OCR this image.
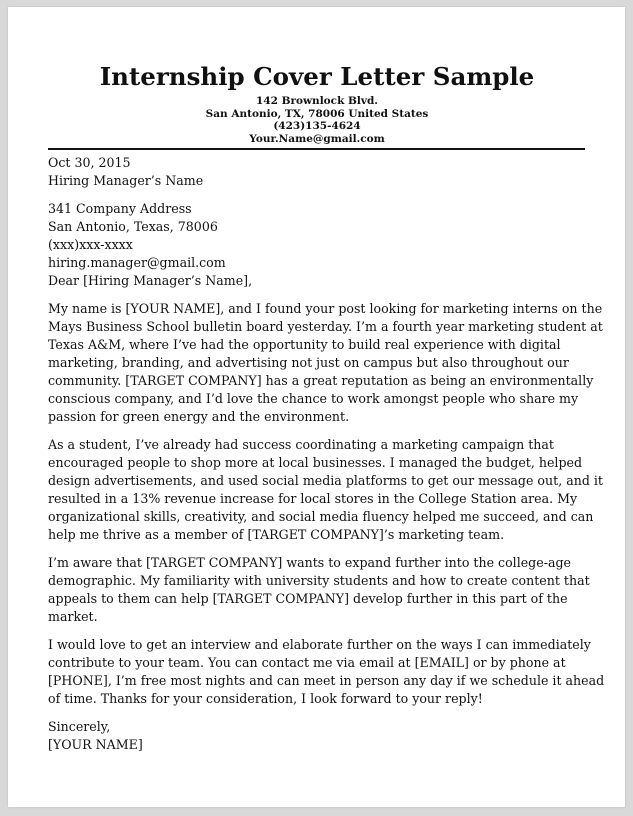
Internship Cover Letter Sample
142 Brownlock Blvd.
San Antonio, TX, 78006 United States
(423)135-4624
Your.Name@gmail.com
Oct 30, 2015
Hiring Manager’s Name
341 Company Address
San Antonio, Texas, 78006
(xxx)xxx-xxxx
hiring.manager@gmail.com
Dear [Hiring Manager’s Name],
My name is [YOUR NAME], and I found your post looking for marketing interns on the
Mays Business School bulletin board yesterday. I’m a fourth year marketing student at
Texas A&M, where I’ve had the opportunity to build real experience with digital
marketing, branding, and advertising not just on campus but also throughout our
community. [TARGET COMPANY] has a great reputation as being an environmentally
conscious company, and I’d love the chance to work amongst people who share my
passion for green energy and the environment.
As a student, I’ve already had success coordinating a marketing campaign that
encouraged people to shop more at local businesses. I managed the budget, helped
design advertisements, and used social media platforms to get our message out, and it
resulted in a 13% revenue increase for local stores in the College Station area. My
organizational skills, creativity, and social media fluency helped me succeed, and can
help me thrive as a member of [TARGET COMPANY]’s marketing team.
I’m aware that [TARGET COMPANY] wants to expand further into the college-age
demographic. My familiarity with university students and how to create content that
appeals to them can help [TARGET COMPANY] develop further in this part of the
market.
I would love to get an interview and elaborate further on the ways I can immediately
contribute to your team. You can contact me via email at [EMAIL] or by phone at
[PHONE], I’m free most nights and can meet in person any day if we schedule it ahead
of time. Thanks for your consideration, I look forward to your reply!
Sincerely,
[YOUR NAME]
